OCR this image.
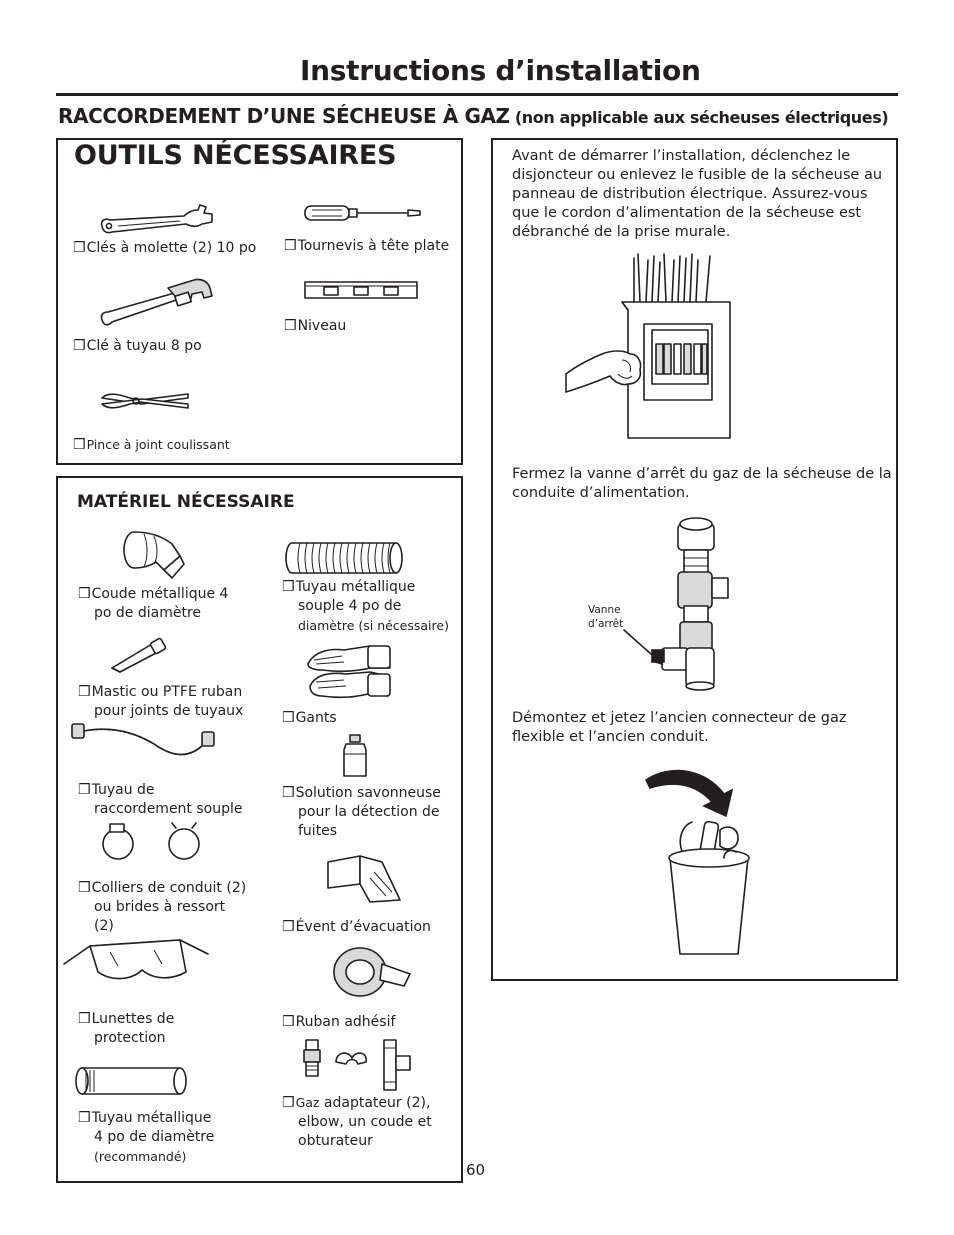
Instructions d’installation
RACCORDEMENT D’UNE SÉCHEUSE À GAZ (non applicable aux sécheuses électriques)
OUTILS NÉCESSAIRES
❒Clés à molette (2) 10 po ❒Tournevis à tête plate
❒Clé à tuyau 8 po
❒Niveau
❒Pince à joint coulissant
MATÉRIEL NÉCESSAIRE
❒Coude métallique 4
po de diamètre
❒Tuyau métallique
souple 4 po de
diamètre (si nécessaire)
❒Mastic ou PTFE ruban
pour joints de tuyaux	❒Gants
❒Tuyau de
raccordement souple
❒Solution savonneuse
pour la détection de
fuites
❒Colliers de conduit (2)
ou brides à ressort
(2)	❒Évent d’évacuation
❒Lunettes de
protection
❒Ruban adhésif
❒Tuyau métallique
4 po de diamètre
(recommandé)
❒Gaz adaptateur (2),
elbow, un coude et
obturateur
Avant de démarrer l’installation, déclenchez le disjoncteur ou enlevez le fusible de la sécheuse au panneau de distribution électrique. Assurez-vous que le cordon d’alimentation de la sécheuse est débranché de la prise murale.
Fermez la vanne d’arrêt du gaz de la sécheuse de la conduite d’alimentation.
Vanne
d’arrêt
Démontez et jetez l’ancien connecteur de gaz flexible et l’ancien conduit.
60
